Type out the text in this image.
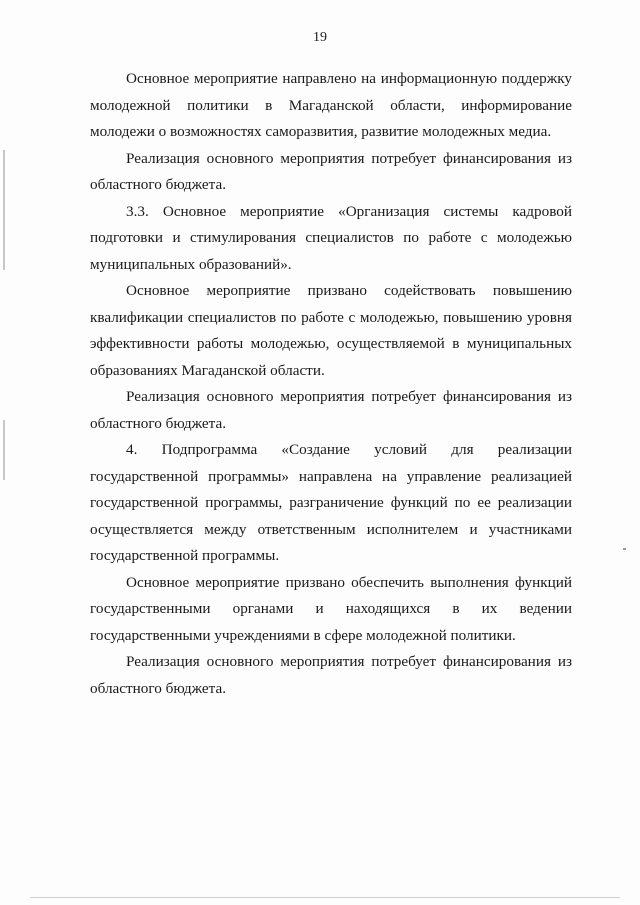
19

Основное мероприятие направлено на информационную поддержку молодежной политики в Магаданской области, информирование молодежи о возможностях саморазвития, развитие молодежных медиа.

Реализация основного мероприятия потребует финансирования из областного бюджета.

3.3. Основное мероприятие «Организация системы кадровой подготовки и стимулирования специалистов по работе с молодежью муниципальных образований».

Основное мероприятие призвано содействовать повышению квалификации специалистов по работе с молодежью, повышению уровня эффективности работы молодежью, осуществляемой в муниципальных образованиях Магаданской области.

Реализация основного мероприятия потребует финансирования из областного бюджета.

4. Подпрограмма «Создание условий для реализации государственной программы» направлена на управление реализацией государственной программы, разграничение функций по ее реализации осуществляется между ответственным исполнителем и участниками государственной программы.

Основное мероприятие призвано обеспечить выполнения функций государственными органами и находящихся в их ведении государственными учреждениями в сфере молодежной политики.

Реализация основного мероприятия потребует финансирования из областного бюджета.
